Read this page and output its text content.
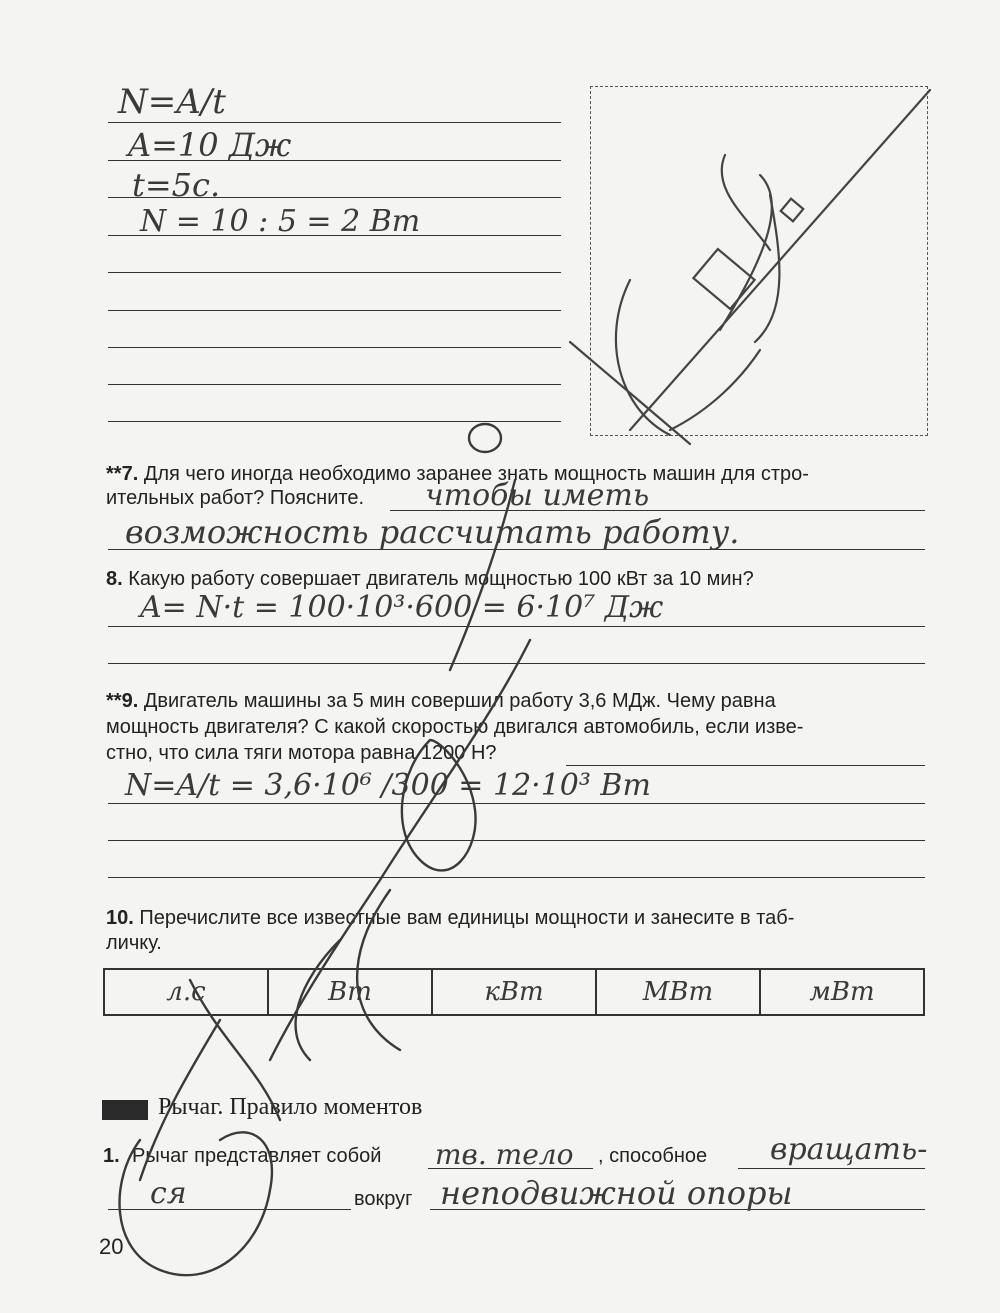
N=A/t
A=10 Дж
t=5с.
N = 10 : 5 = 2 Вт
**7. Для чего иногда необходимо заранее знать мощность машин для стро-
ительных работ? Поясните. чтобы иметь
возможность рассчитать работу.
8. Какую работу совершает двигатель мощностью 100 кВт за 10 мин?
A= N·t = 100·10³·600 = 6·10⁷ Дж
**9. Двигатель машины за 5 мин совершил работу 3,6 МДж. Чему равна
мощность двигателя? С какой скоростью двигался автомобиль, если изве-
стно, что сила тяги мотора равна 1200 Н?
N=A/t = 3,6·10⁶ /300 = 12·10³ Вт
10. Перечислите все известные вам единицы мощности и занесите в таб-
личку.
л.с	Вт	кВт	МВт	мВт
Рычаг. Правило моментов
1. Рычаг представляет собой тв. тело , способное вращать-
ся	вокруг неподвижной опоры
20
